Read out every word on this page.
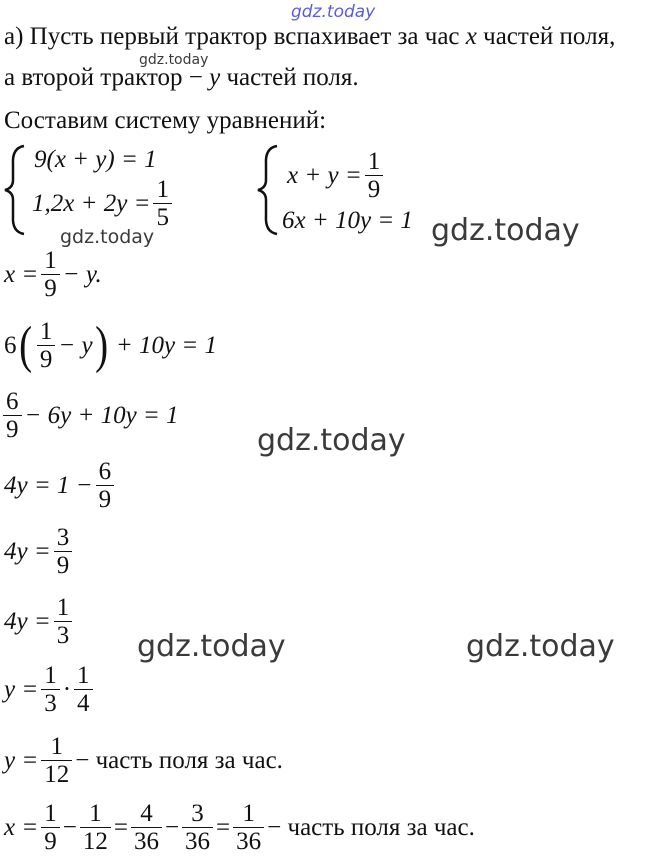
gdz.today
gdz.today
gdz.today	gdz.today
gdz.today
gdz.today	gdz.today
а) Пусть первый трактор вспахивает за час x частей поля,
а второй трактор − y частей поля.
Составим систему уравнений:
9(x + y) = 1
$1,2x + 2y = \frac{1}{5}$
$x + y = \frac{1}{9}$
6x + 10y = 1
$x = \frac{1}{9} - y$.
6 ( $\frac{1}{9} - y$ ) + 10y = 1
$\frac{6}{9} - 6y + 10y = 1$
$4y = 1 - \frac{6}{9}$
$4y = \frac{3}{9}$
$4y = \frac{1}{3}$
$y = \frac{1}{3} \cdot \frac{1}{4}$
$y = \frac{1}{12}$ − часть поля за час.
$x = \frac{1}{9} - \frac{1}{12} = \frac{4}{36} - \frac{3}{36} = \frac{1}{36}$ − часть поля за час.
